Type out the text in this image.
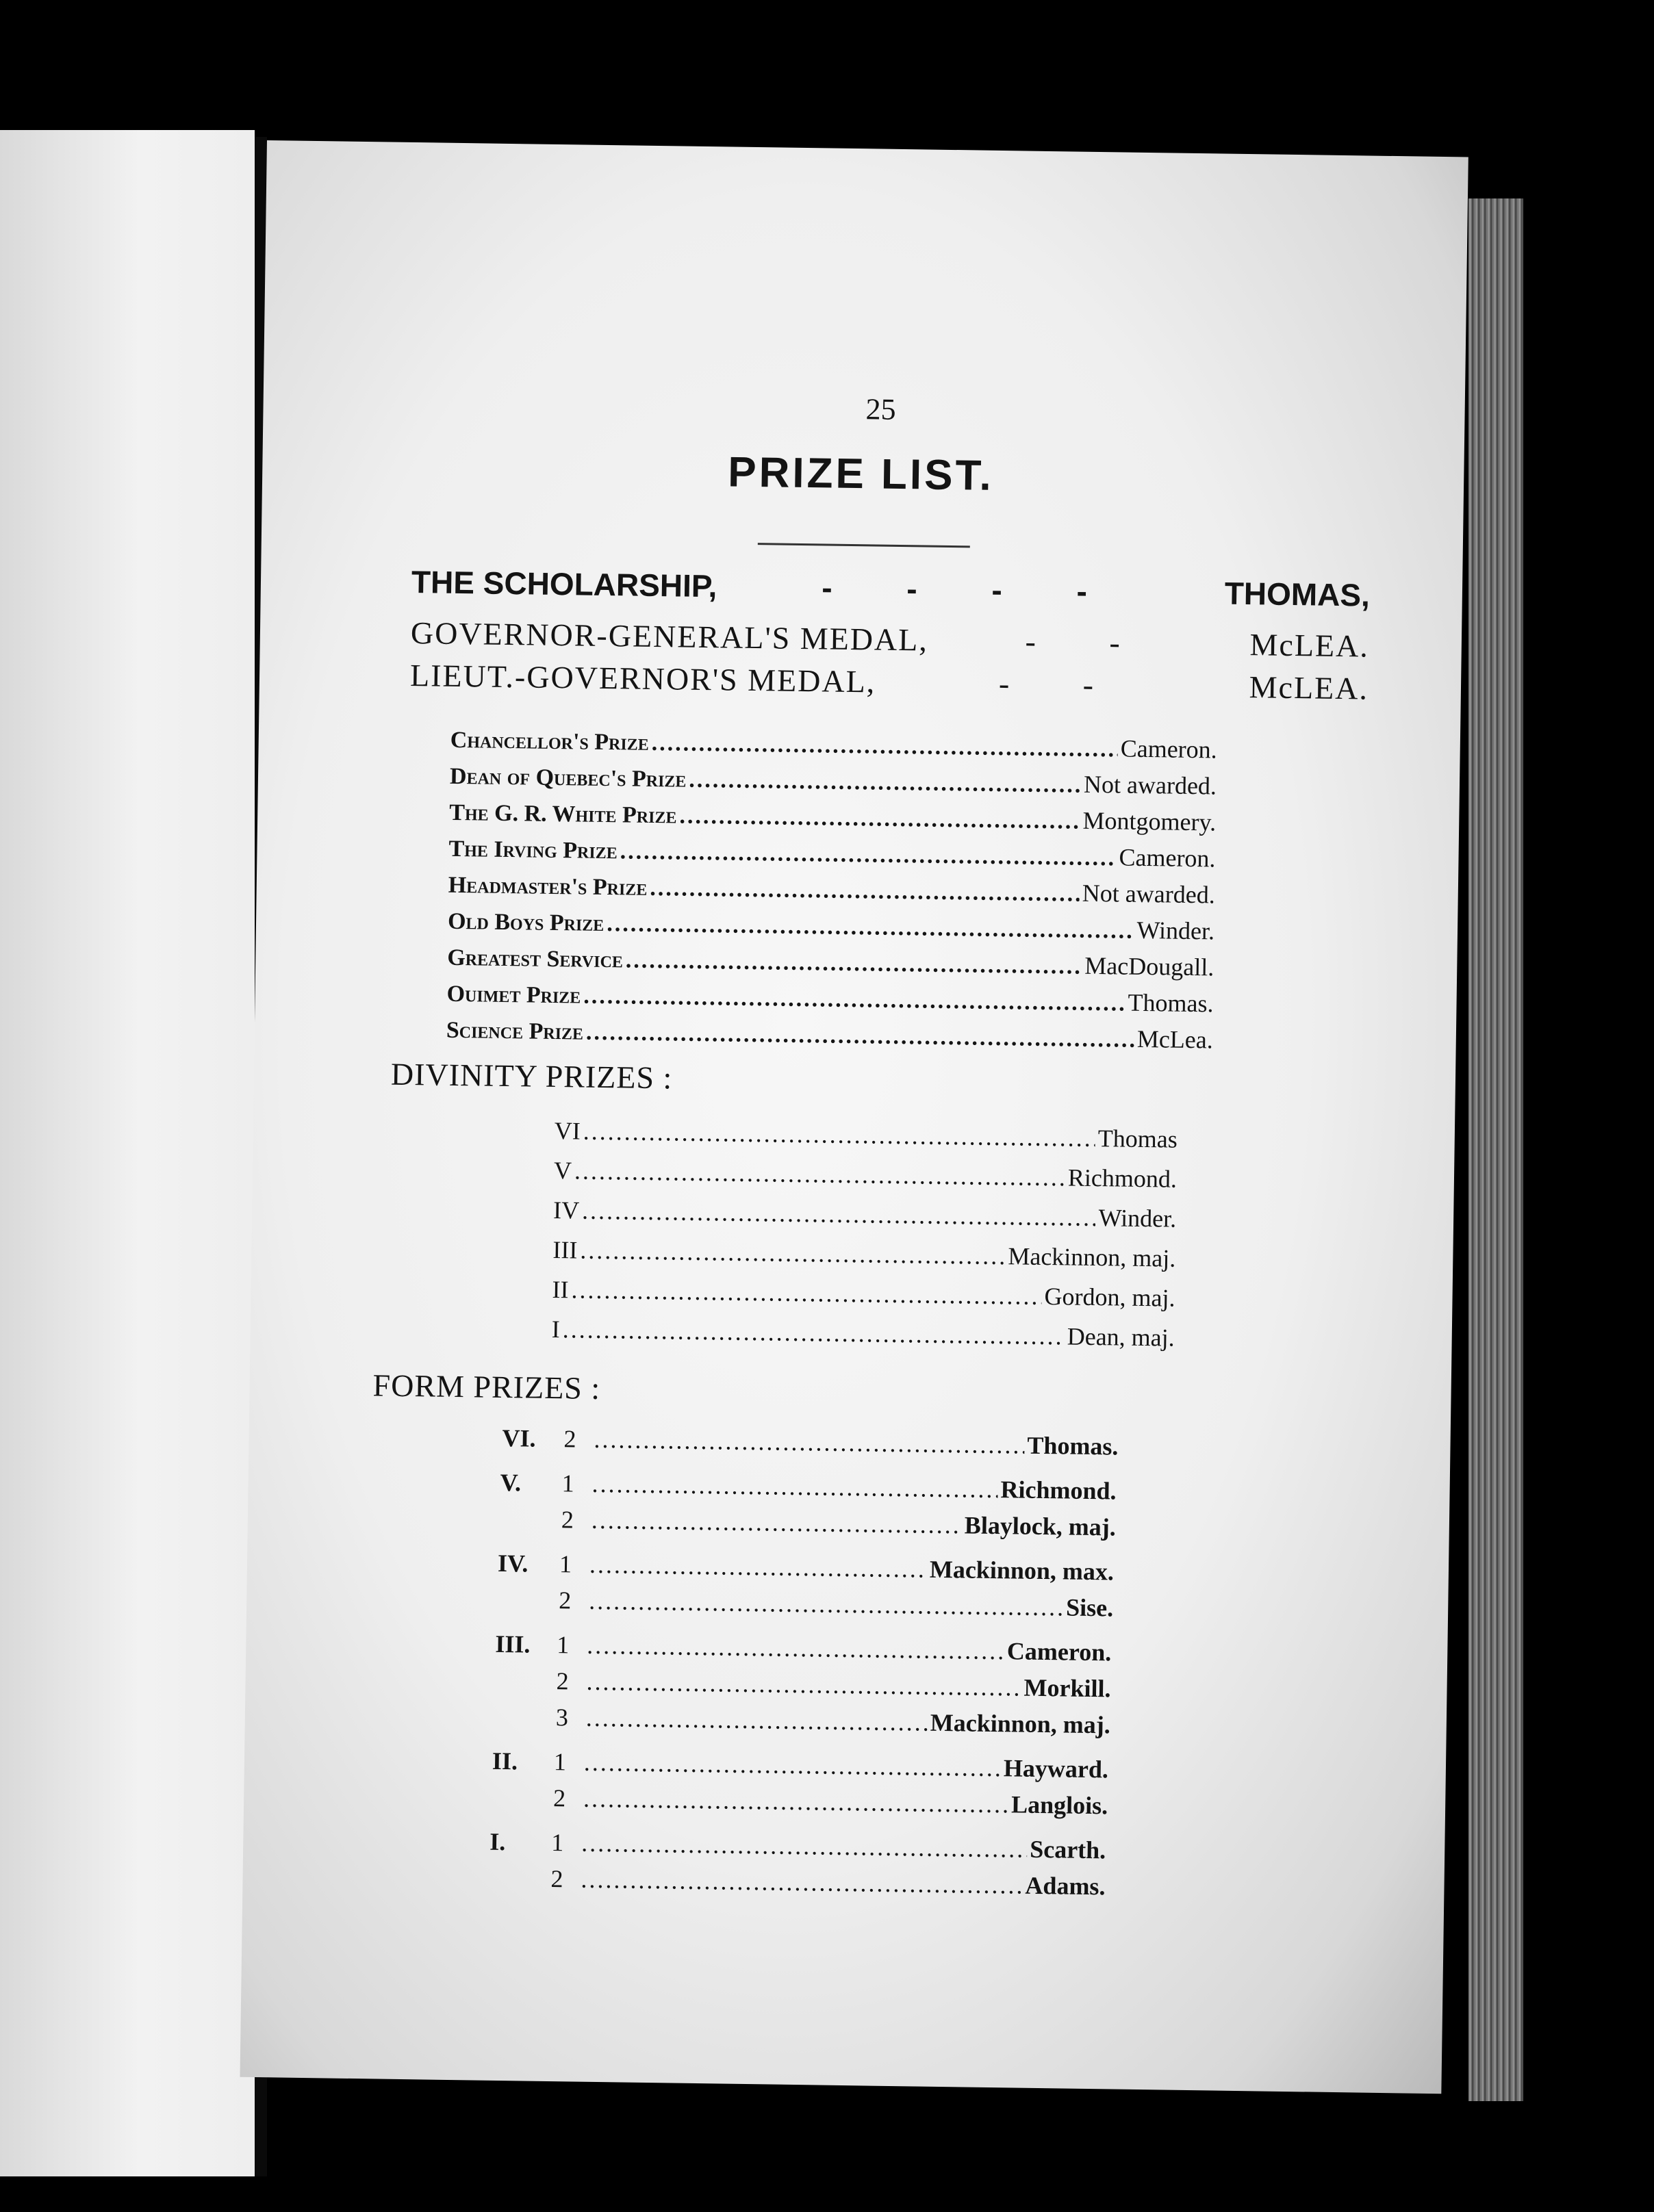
25
PRIZE LIST.
THE SCHOLARSHIP,	- - - -	THOMAS,
GOVERNOR-GENERAL'S MEDAL,	- -	McLEA.
LIEUT.-GOVERNOR'S MEDAL,	- -	McLEA.
Chancellor's Prize .....	Cameron.
Dean of Quebec's Prize .....	Not awarded.
The G. R. White Prize .....	Montgomery.
The Irving Prize .....	Cameron.
Headmaster's Prize .....	Not awarded.
Old Boys Prize .....	Winder.
Greatest Service .....	MacDougall.
Ouimet Prize .....	Thomas.
Science Prize .....	McLea.
DIVINITY PRIZES :
VI .....	Thomas
V .....	Richmond.
IV .....	Winder.
III .....	Mackinnon, maj.
II .....	Gordon, maj.
I .....	Dean, maj.
FORM PRIZES :
VI.	2 .....	Thomas.
V.	1 .....	Richmond.
2 .....	Blaylock, maj.
IV.	1 .....	Mackinnon, max.
2 .....	Sise.
III.	1 .....	Cameron.
2 .....	Morkill.
3 .....	Mackinnon, maj.
II.	1 .....	Hayward.
2 .....	Langlois.
I.	1 .....	Scarth.
2 .....	Adams.
